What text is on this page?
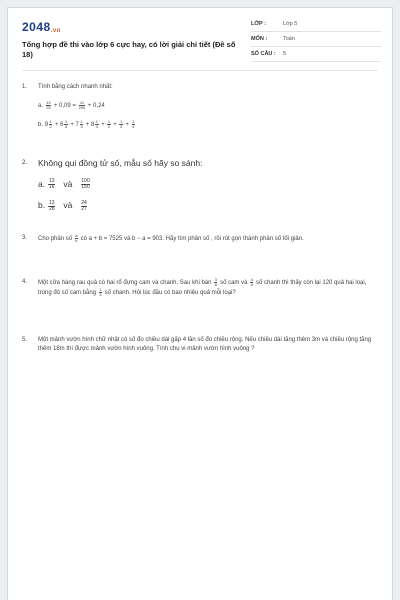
2048.vn
Tổng hợp đề thi vào lớp 6 cực hay, có lời giải chi tiết (Đề số 18)
LỚP :	Lớp 5
MÔN :	Toán
SỐ CÂU :	5
1.	Tính bằng cách nhanh nhất:
a. $\frac{13}{25} + 0,09 = \frac{41}{200} + 0,24$
b. $9 \frac{1}{2} + 6 \frac{1}{6} + 7 \frac{1}{3} + 8 \frac{1}{4} + \frac{1}{2} + \frac{1}{3} + \frac{1}{4}$
2.	Không qui đồng tử số, mẫu số hãy so sánh:
a. $\frac{13}{16}$ và $\frac{100}{150}$
b. $\frac{13}{28}$ và $\frac{24}{27}$
3.	Cho phân số $\frac{a}{b}$ có a + b = 7525 và b − a = 903. Hãy tìm phân số , rồi rút gọn thành phân số tối giản.
4.	Một cửa hàng rau quả có hai rổ đựng cam và chanh. Sau khi bán $\frac{3}{8}$ số cam và $\frac{4}{5}$ số chanh thì thấy còn lại 120 quả hai loại, trong đó số cam bằng $\frac{1}{3}$ số chanh. Hỏi lúc đầu có bao nhiêu quả mỗi loại?
5.	Một mảnh vườn hình chữ nhật có số đo chiều dài gấp 4 lần số đo chiều rộng. Nếu chiều dài tăng thêm 3m và chiều rộng tăng thêm 18m thì được mảnh vườn hình vuông. Tính chu vi mảnh vườn hình vuông ?
